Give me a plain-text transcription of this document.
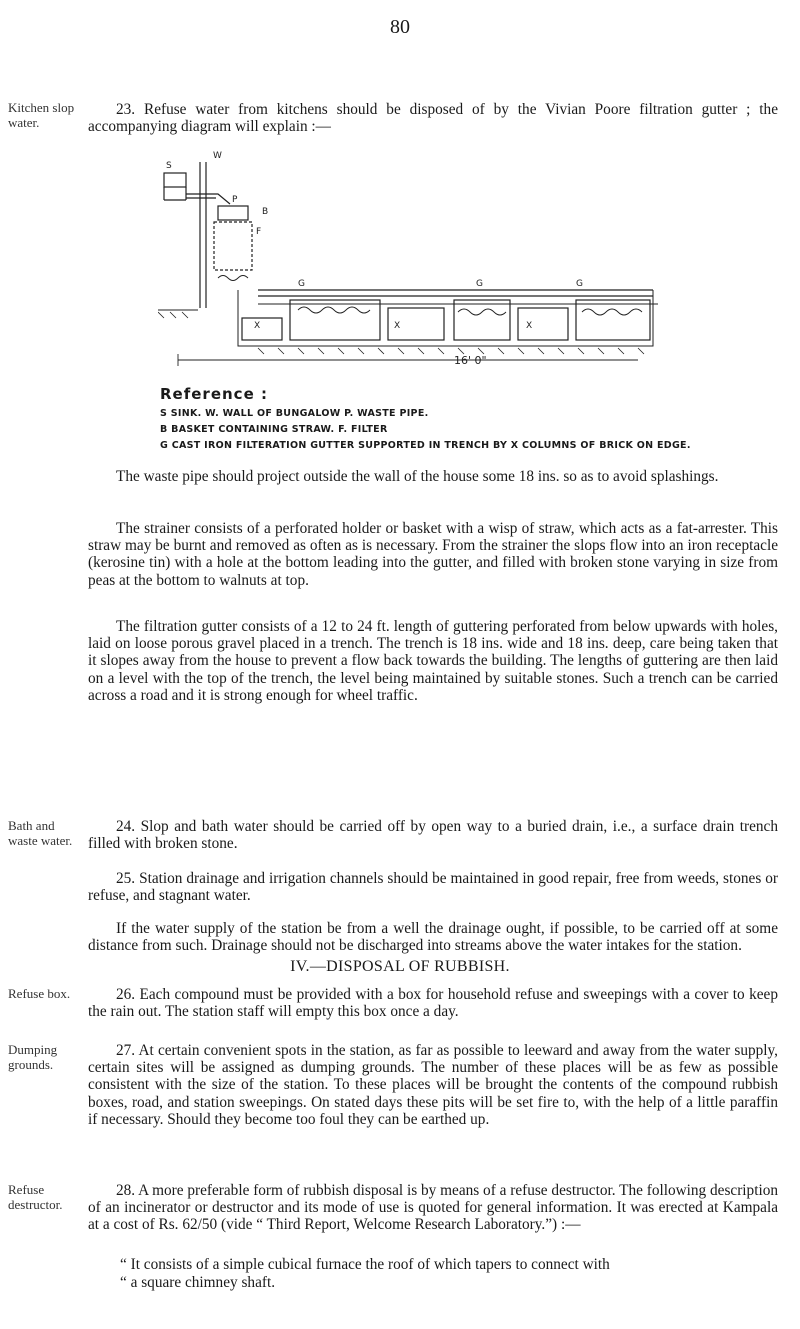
80
Kitchen slop water.
Bath and waste water.
Refuse box.
Dumping grounds.
Refuse destructor.

23. Refuse water from kitchens should be disposed of by the Vivian Poore filtration gutter ; the accompanying diagram will explain :—

S
W
P
B
F
G	G	G
X	X	X
16' 0"
Reference :
S SINK. W. WALL OF BUNGALOW P. WASTE PIPE.
B BASKET CONTAINING STRAW. F. FILTER
G CAST IRON FILTERATION GUTTER SUPPORTED IN TRENCH BY X COLUMNS OF BRICK ON EDGE.

The waste pipe should project outside the wall of the house some 18 ins. so as to avoid splashings.

The strainer consists of a perforated holder or basket with a wisp of straw, which acts as a fat-arrester. This straw may be burnt and removed as often as is necessary. From the strainer the slops flow into an iron receptacle (kerosine tin) with a hole at the bottom leading into the gutter, and filled with broken stone varying in size from peas at the bottom to walnuts at top.

The filtration gutter consists of a 12 to 24 ft. length of guttering perforated from below upwards with holes, laid on loose porous gravel placed in a trench. The trench is 18 ins. wide and 18 ins. deep, care being taken that it slopes away from the house to prevent a flow back towards the building. The lengths of guttering are then laid on a level with the top of the trench, the level being maintained by suitable stones. Such a trench can be carried across a road and it is strong enough for wheel traffic.

24. Slop and bath water should be carried off by open way to a buried drain, i.e., a surface drain trench filled with broken stone.

25. Station drainage and irrigation channels should be maintained in good repair, free from weeds, stones or refuse, and stagnant water.

If the water supply of the station be from a well the drainage ought, if possible, to be carried off at some distance from such. Drainage should not be discharged into streams above the water intakes for the station.

IV.—DISPOSAL OF RUBBISH.

26. Each compound must be provided with a box for household refuse and sweepings with a cover to keep the rain out. The station staff will empty this box once a day.

27. At certain convenient spots in the station, as far as possible to leeward and away from the water supply, certain sites will be assigned as dumping grounds. The number of these places will be as few as possible consistent with the size of the station. To these places will be brought the contents of the compound rubbish boxes, road, and station sweepings. On stated days these pits will be set fire to, with the help of a little paraffin if necessary. Should they become too foul they can be earthed up.

28. A more preferable form of rubbish disposal is by means of a refuse destructor. The following description of an incinerator or destructor and its mode of use is quoted for general information. It was erected at Kampala at a cost of Rs. 62/50 (vide “ Third Report, Welcome Research Laboratory.”) :—

“ It consists of a simple cubical furnace the roof of which tapers to connect with
“ a square chimney shaft.
